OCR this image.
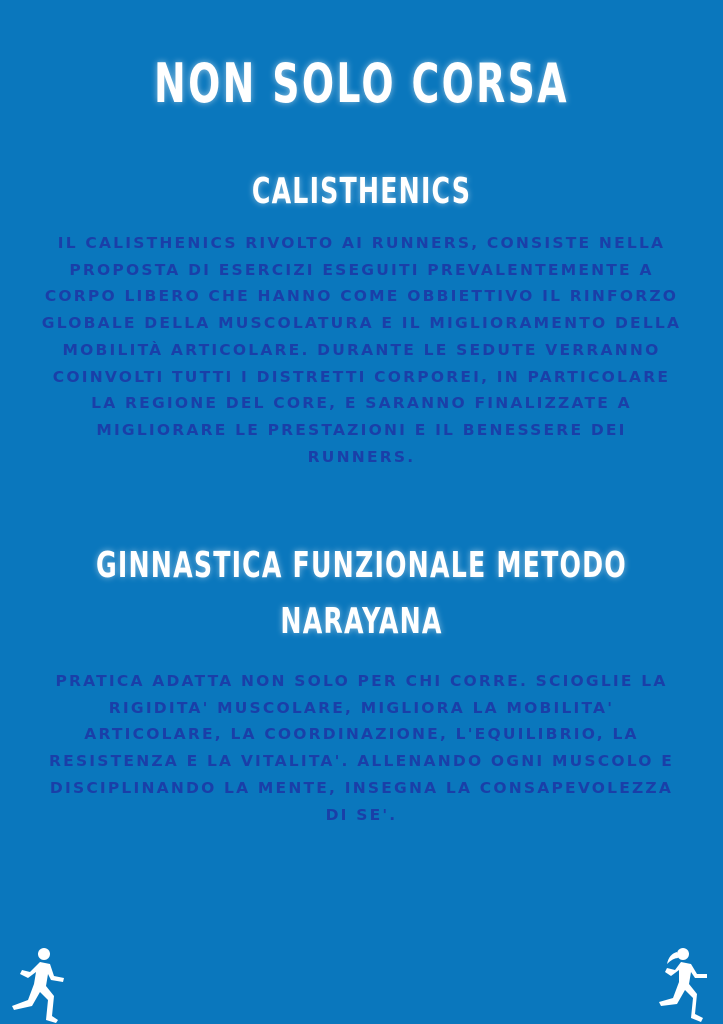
NON SOLO CORSA
CALISTHENICS

IL CALISTHENICS RIVOLTO AI RUNNERS, CONSISTE NELLA PROPOSTA DI ESERCIZI ESEGUITI PREVALENTEMENTE A CORPO LIBERO CHE HANNO COME OBBIETTIVO IL RINFORZO GLOBALE DELLA MUSCOLATURA E IL MIGLIORAMENTO DELLA MOBILITÀ ARTICOLARE. DURANTE LE SEDUTE VERRANNO COINVOLTI TUTTI I DISTRETTI CORPOREI, IN PARTICOLARE LA REGIONE DEL CORE, E SARANNO FINALIZZATE A MIGLIORARE LE PRESTAZIONI E IL BENESSERE DEI RUNNERS.

GINNASTICA FUNZIONALE METODO NARAYANA

PRATICA ADATTA NON SOLO PER CHI CORRE. SCIOGLIE LA RIGIDITA' MUSCOLARE, MIGLIORA LA MOBILITA' ARTICOLARE, LA COORDINAZIONE, L'EQUILIBRIO, LA RESISTENZA E LA VITALITA'. ALLENANDO OGNI MUSCOLO E DISCIPLINANDO LA MENTE, INSEGNA LA CONSAPEVOLEZZA DI SE'.
